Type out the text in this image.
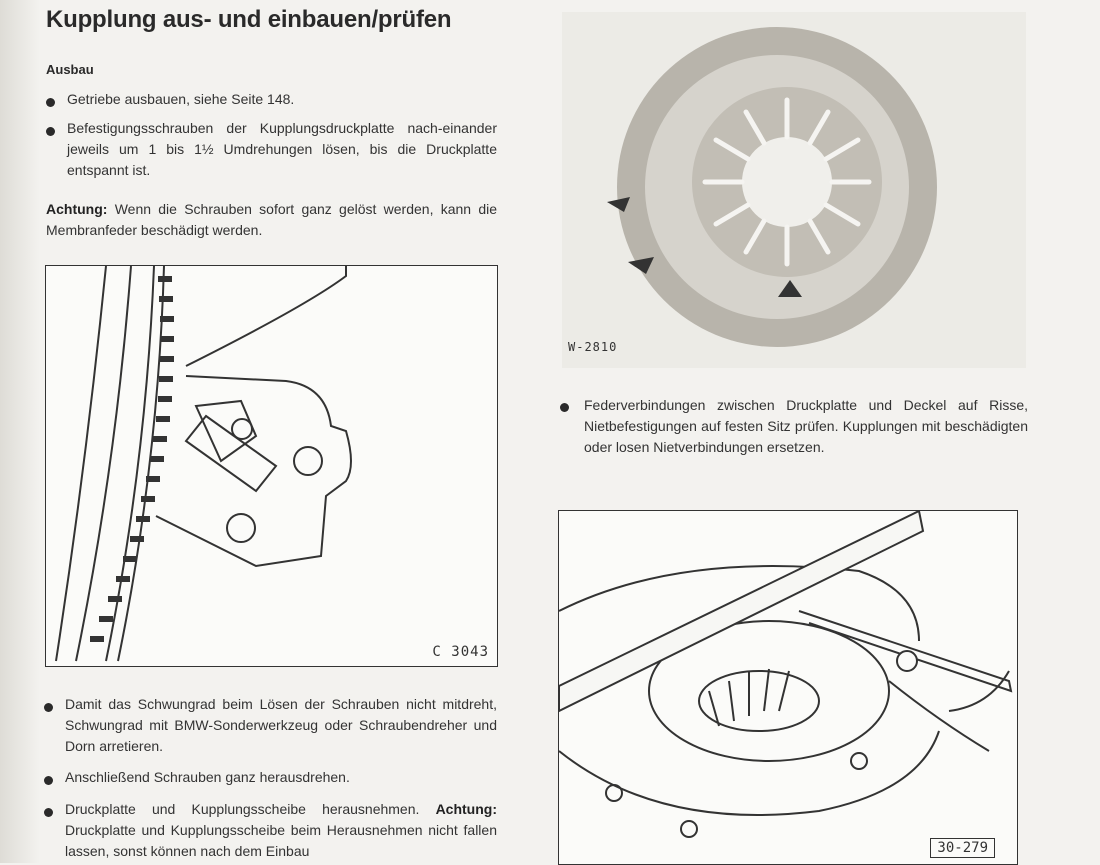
Kupplung aus- und einbauen/prüfen
Ausbau
Getriebe ausbauen, siehe Seite 148.
Befestigungsschrauben der Kupplungsdruckplatte nach-einander jeweils um 1 bis 1½ Umdrehungen lösen, bis die Druckplatte entspannt ist.
Achtung: Wenn die Schrauben sofort ganz gelöst werden, kann die Membranfeder beschädigt werden.
C 3043
Damit das Schwungrad beim Lösen der Schrauben nicht mitdreht, Schwungrad mit BMW-Sonderwerkzeug oder Schraubendreher und Dorn arretieren.
Anschließend Schrauben ganz herausdrehen.
Druckplatte und Kupplungsscheibe herausnehmen. Achtung: Druckplatte und Kupplungsscheibe beim Herausnehmen nicht fallen lassen, sonst können nach dem Einbau
W-2810
Federverbindungen zwischen Druckplatte und Deckel auf Risse, Nietbefestigungen auf festen Sitz prüfen. Kupplungen mit beschädigten oder losen Nietverbindungen ersetzen.
30-279
